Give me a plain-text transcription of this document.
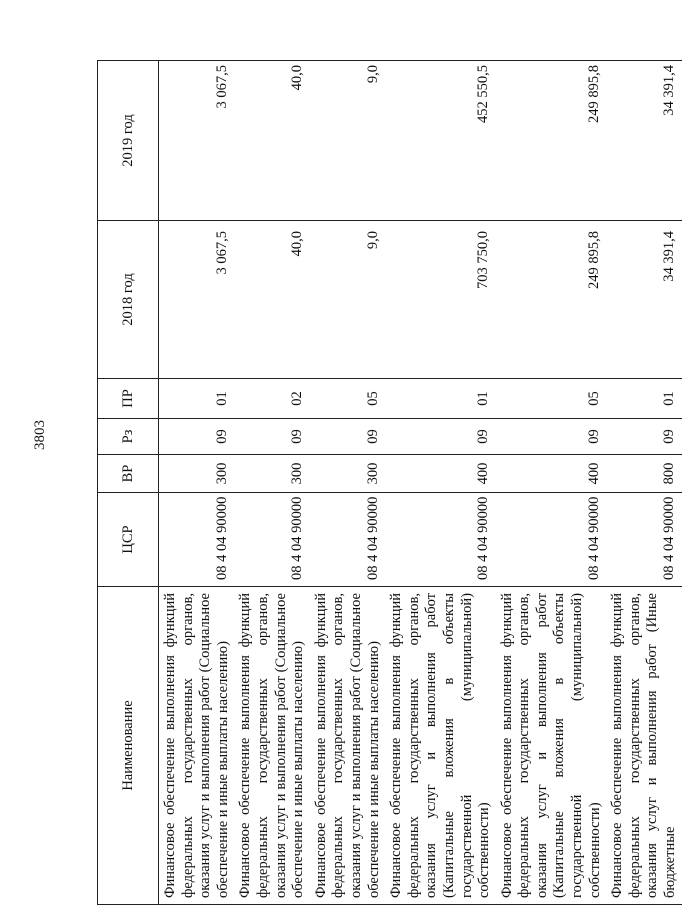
3803
Наименование	ЦСР	ВР	Рз	ПР	2018 год	2019 год
Финансовое обеспечение выполнения функций федеральных государственных органов, оказания услуг и выполнения работ (Социальное обеспечение и иные выплаты населению)	08 4 04 90000	300	09	01	3 067,5	3 067,5
Финансовое обеспечение выполнения функций федеральных государственных органов, оказания услуг и выполнения работ (Социальное обеспечение и иные выплаты населению)	08 4 04 90000	300	09	02	40,0	40,0
Финансовое обеспечение выполнения функций федеральных государственных органов, оказания услуг и выполнения работ (Социальное обеспечение и иные выплаты населению)	08 4 04 90000	300	09	05	9,0	9,0
Финансовое обеспечение выполнения функций федеральных государственных органов, оказания услуг и выполнения работ (Капитальные вложения в объекты государственной (муниципальной) собственности)	08 4 04 90000	400	09	01	703 750,0	452 550,5
Финансовое обеспечение выполнения функций федеральных государственных органов, оказания услуг и выполнения работ (Капитальные вложения в объекты государственной (муниципальной) собственности)	08 4 04 90000	400	09	05	249 895,8	249 895,8
Финансовое обеспечение выполнения функций федеральных государственных органов, оказания услуг и выполнения работ (Иные бюджетные	08 4 04 90000	800	09	01	34 391,4	34 391,4
